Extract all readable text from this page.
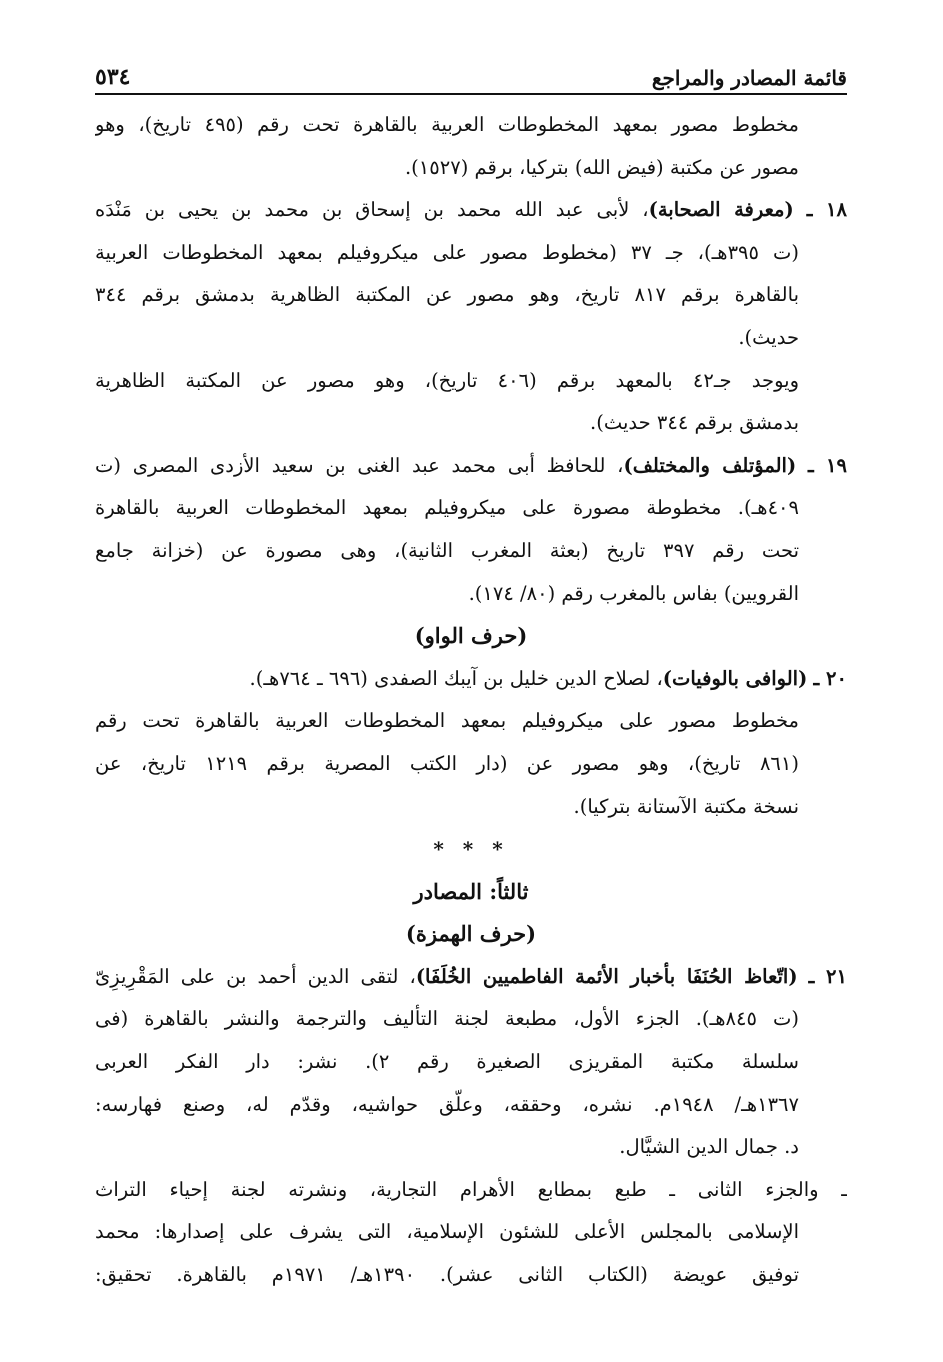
قائمة المصادر والمراجع
٥٣٤
مخطوط مصور بمعهد المخطوطات العربية بالقاهرة تحت رقم (٤٩٥ تاريخ)، وهو
مصور عن مكتبة (فيض الله) بتركيا، برقم (١٥٢٧).
١٨ ـ (معرفة الصحابة)، لأبى عبد الله محمد بن إسحاق بن محمد بن يحيى بن مَنْدَه
(ت ٣٩٥هـ)، جـ ٣٧ (مخطوط مصور على ميكروفيلم بمعهد المخطوطات العربية
بالقاهرة برقم ٨١٧ تاريخ، وهو مصور عن المكتبة الظاهرية بدمشق برقم ٣٤٤
حديث).
ويوجد جـ٤٢ بالمعهد برقم (٤٠٦ تاريخ)، وهو مصور عن المكتبة الظاهرية
بدمشق برقم ٣٤٤ حديث).
١٩ ـ (المؤتلف والمختلف)، للحافظ أبى محمد عبد الغنى بن سعيد الأزدى المصرى (ت
٤٠٩هـ). مخطوطة مصورة على ميكروفيلم بمعهد المخطوطات العربية بالقاهرة
تحت رقم ٣٩٧ تاريخ (بعثة المغرب الثانية)، وهى مصورة عن (خزانة جامع
القرويين) بفاس بالمغرب رقم (٨٠/ ١٧٤).
(حرف الواو)
٢٠ ـ (الوافى بالوفيات)، لصلاح الدين خليل بن آيبك الصفدى (٦٩٦ ـ ٧٦٤هـ).
مخطوط مصور على ميكروفيلم بمعهد المخطوطات العربية بالقاهرة تحت رقم
(٨٦١ تاريخ)، وهو مصور عن (دار الكتب المصرية برقم ١٢١٩ تاريخ، عن
نسخة مكتبة الآستانة بتركيا).
* * *
ثالثاً: المصادر
(حرف الهمزة)
٢١ ـ (اتّعاظ الحُنَفَا بأخبار الأئمة الفاطميين الخُلَفَا)، لتقى الدين أحمد بن على المَقْرِيزِىّ
(ت ٨٤٥هـ). الجزء الأول، مطبعة لجنة التأليف والترجمة والنشر بالقاهرة (فى
سلسلة مكتبة المقريزى الصغيرة رقم ٢). نشر: دار الفكر العربى
١٣٦٧هـ/ ١٩٤٨م. نشره، وحققه، وعلّق حواشيه، وقدّم له، وصنع فهارسه:
د. جمال الدين الشيَّال.
ـ والجزء الثانى ـ طبع بمطابع الأهرام التجارية، ونشرته لجنة إحياء التراث
الإسلامى بالمجلس الأعلى للشئون الإسلامية، التى يشرف على إصدارها: محمد
توفيق عويضة (الكتاب الثانى عشر). ١٣٩٠هـ/ ١٩٧١م بالقاهرة. تحقيق:
